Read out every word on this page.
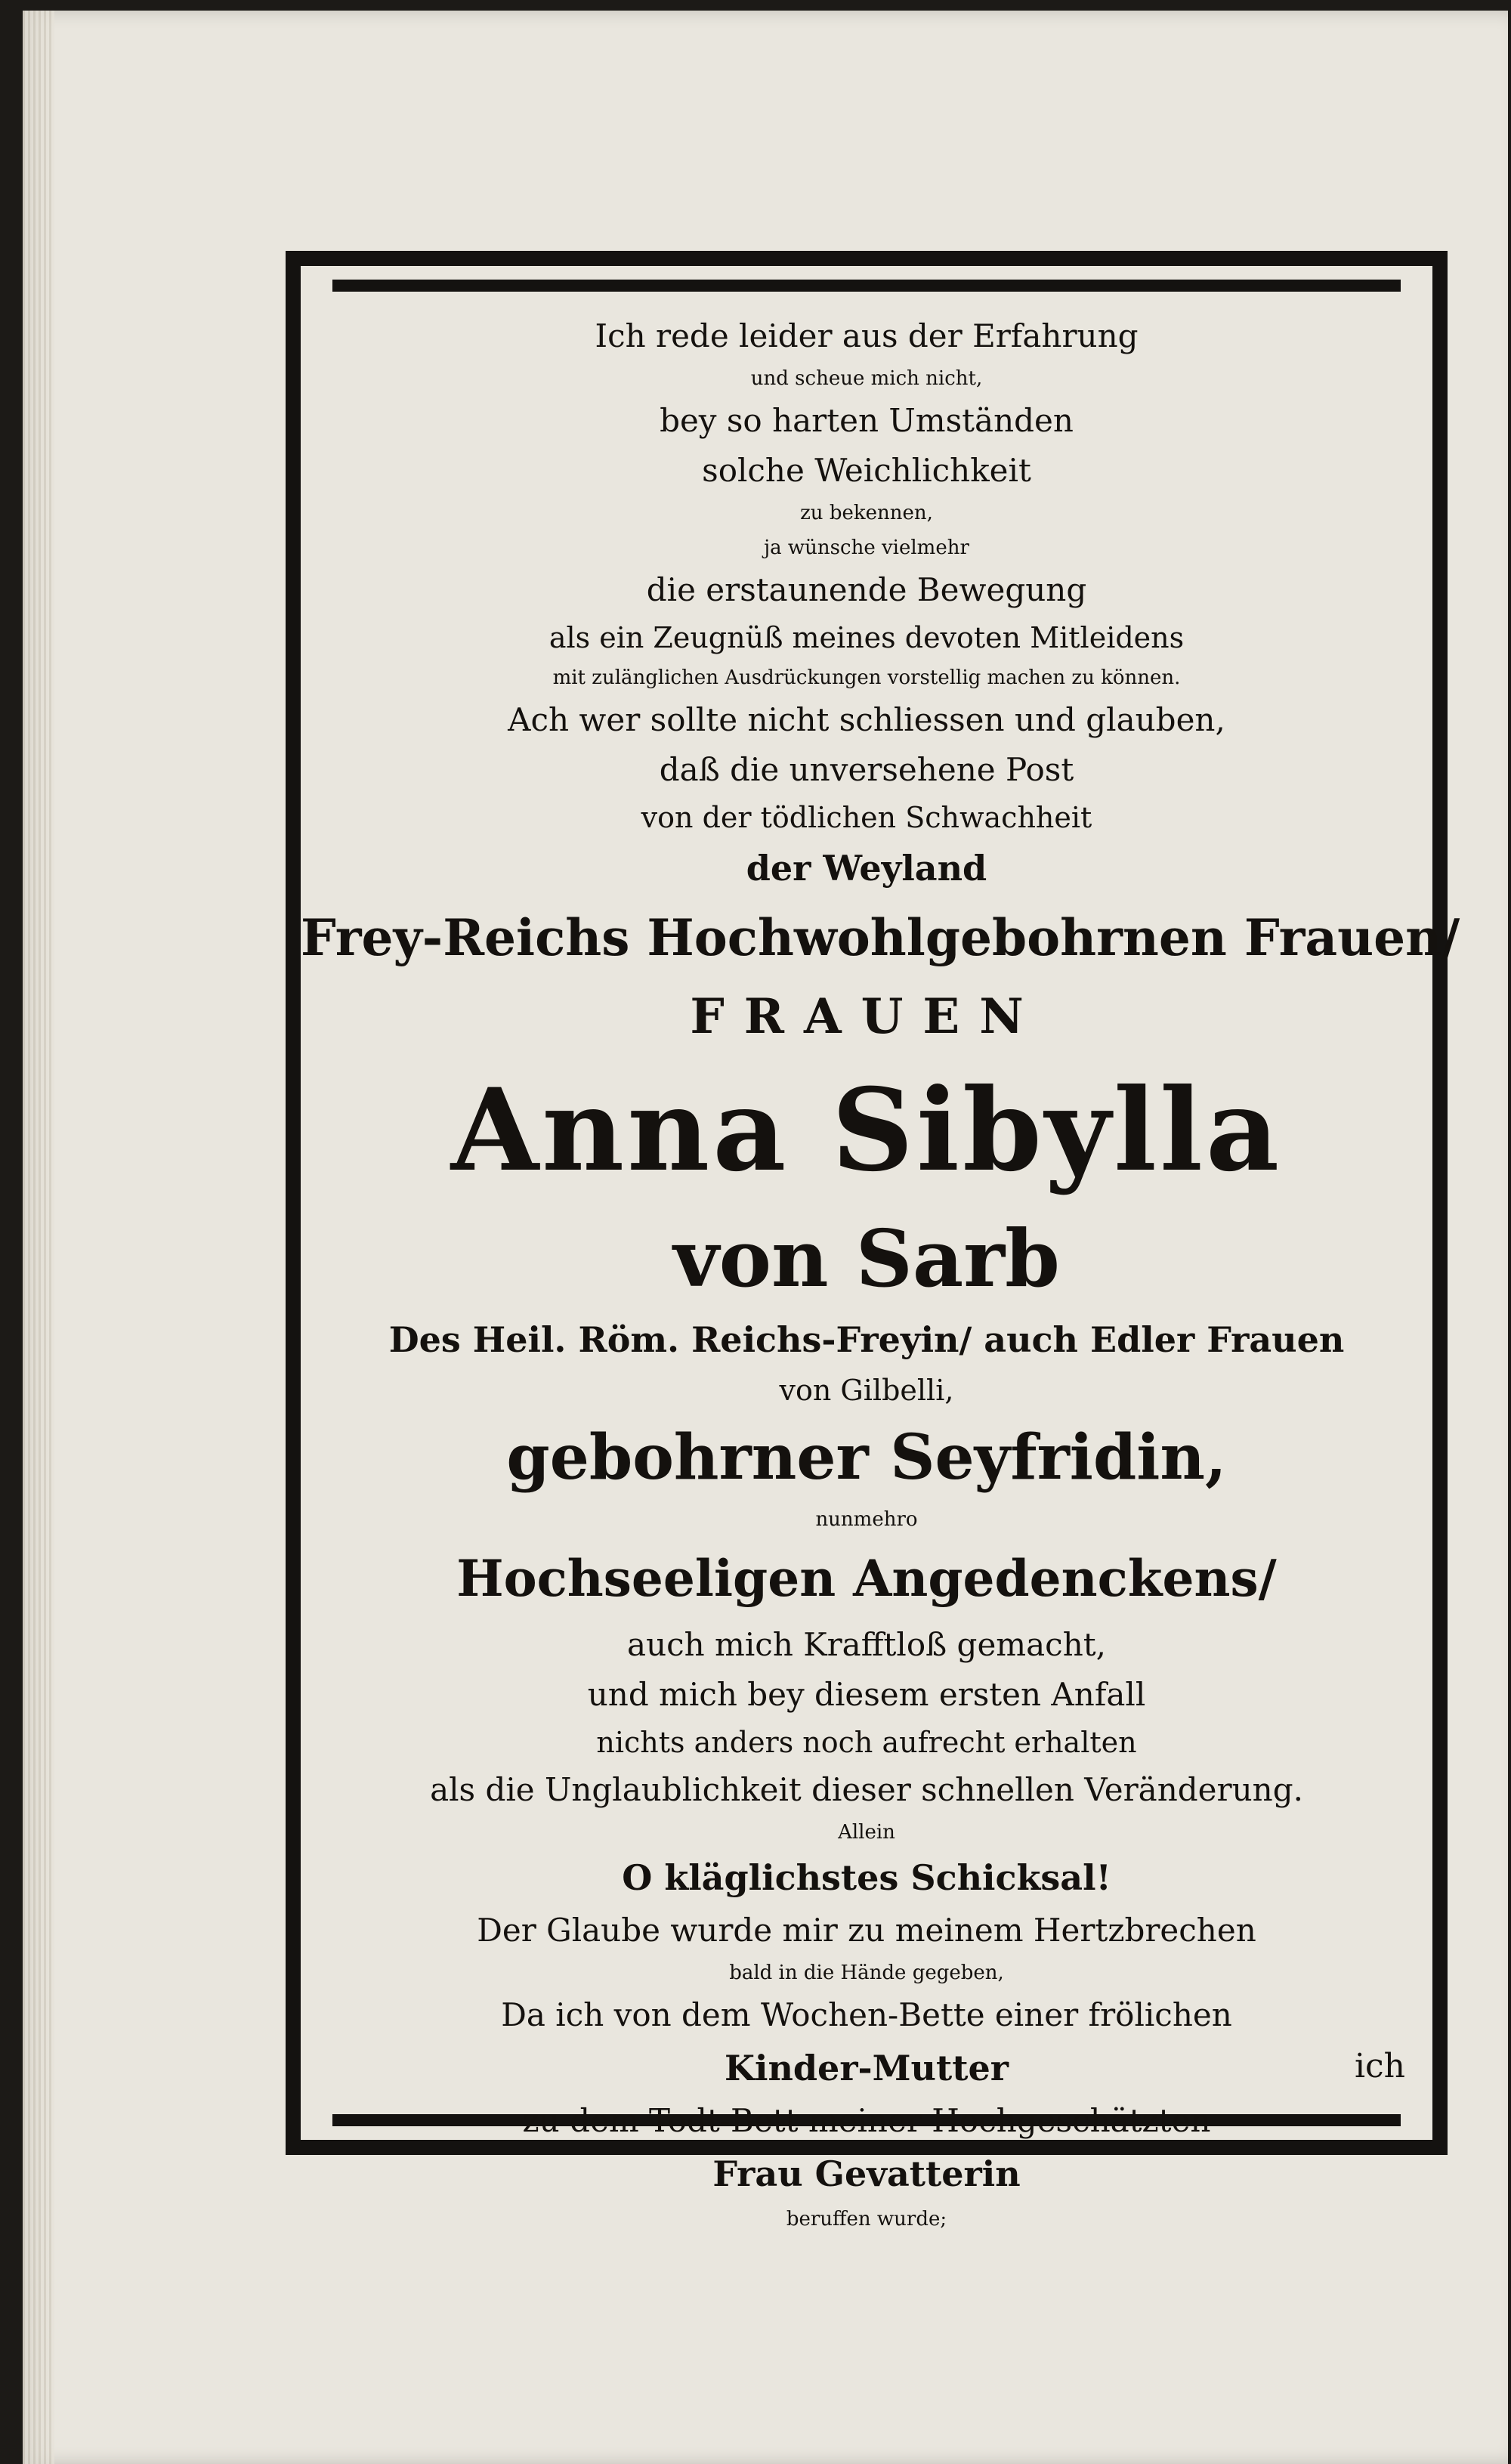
Ich rede leider aus der Erfahrung
und scheue mich nicht,
bey so harten Umständen
solche Weichlichkeit
zu bekennen,
ja wünsche vielmehr
die erstaunende Bewegung
als ein Zeugnüß meines devoten Mitleidens
mit zulänglichen Ausdrückungen vorstellig machen zu können.
Ach wer sollte nicht schliessen und glauben,
daß die unversehene Post
von der tödlichen Schwachheit
der Weyland
Frey-Reichs Hochwohlgebohrnen Frauen/
FRAUEN
Anna Sibylla
von Sarb
Des Heil. Röm. Reichs-Freyin/ auch Edler Frauen
von Gilbelli,
gebohrner Seyfridin,
nunmehro
Hochseeligen Angedenckens/
auch mich Krafftloß gemacht,
und mich bey diesem ersten Anfall
nichts anders noch aufrecht erhalten
als die Unglaublichkeit dieser schnellen Veränderung.
Allein
O kläglichstes Schicksal!
Der Glaube wurde mir zu meinem Hertzbrechen
bald in die Hände gegeben,
Da ich von dem Wochen-Bette einer frölichen
Kinder-Mutter
zu dem Todt-Bett meiner Hochgeschätzten
Frau Gevatterin
beruffen wurde;
ich
